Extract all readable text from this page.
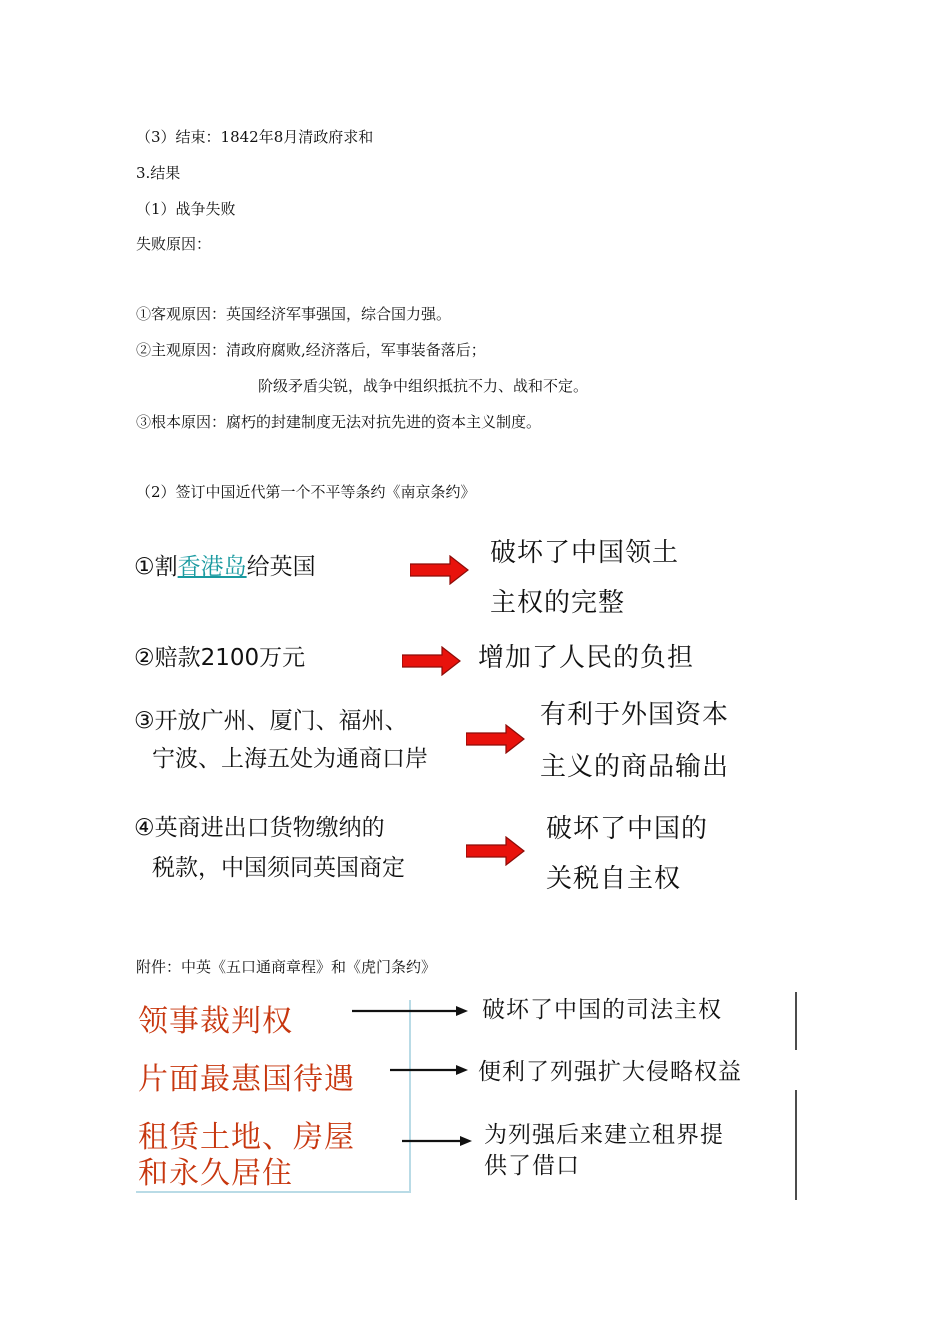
（3）结束：1842年8月清政府求和
3.结果
（1）战争失败
失败原因：
①客观原因：英国经济军事强国，综合国力强。
②主观原因：清政府腐败,经济落后，军事装备落后；
阶级矛盾尖锐，战争中组织抵抗不力、战和不定。
③根本原因：腐朽的封建制度无法对抗先进的资本主义制度。
（2）签订中国近代第一个不平等条约《南京条约》
①割香港岛给英国	破坏了中国领土
主权的完整
②赔款2100万元	增加了人民的负担
③开放广州、厦门、福州、
宁波、上海五处为通商口岸
有利于外国资本
主义的商品输出
④英商进出口货物缴纳的
税款，中国须同英国商定
破坏了中国的
关税自主权
附件：中英《五口通商章程》和《虎门条约》
领事裁判权
片面最惠国待遇
租赁土地、房屋
和永久居住
破坏了中国的司法主权
便利了列强扩大侵略权益
为列强后来建立租界提
供了借口
